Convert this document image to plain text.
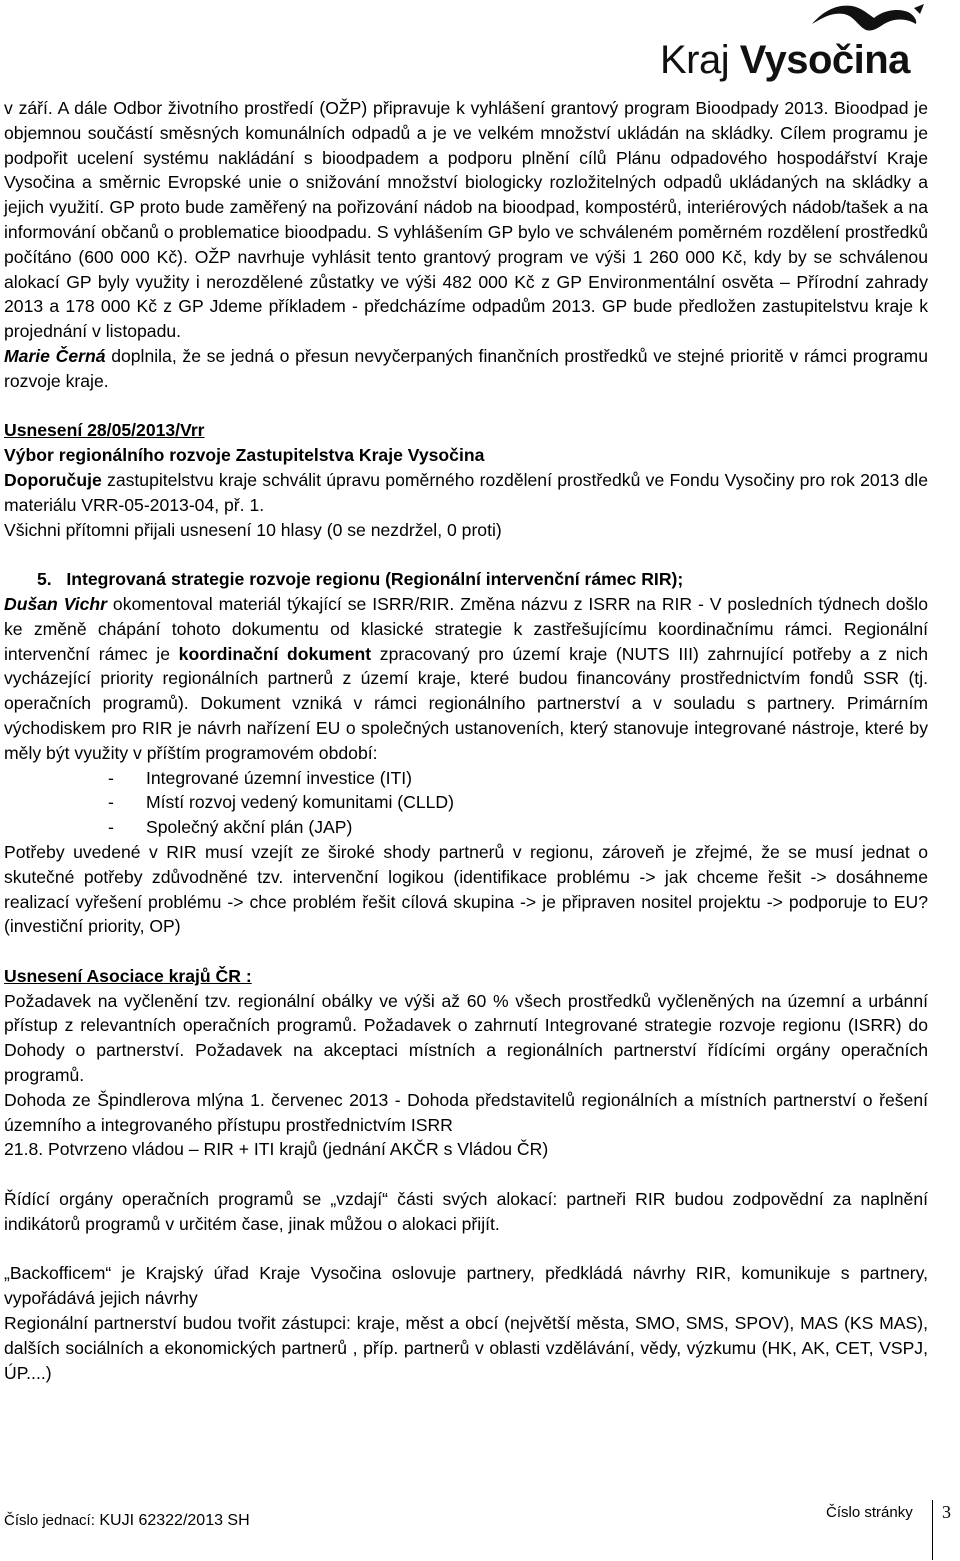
Kraj Vysočina

v září. A dále Odbor životního prostředí (OŽP) připravuje k vyhlášení grantový program Bioodpady 2013. Bioodpad je objemnou součástí směsných komunálních odpadů a je ve velkém množství ukládán na skládky. Cílem programu je podpořit ucelení systému nakládání s bioodpadem a podporu plnění cílů Plánu odpadového hospodářství Kraje Vysočina a směrnic Evropské unie o snižování množství biologicky rozložitelných odpadů ukládaných na skládky a jejich využití. GP proto bude zaměřený na pořizování nádob na bioodpad, kompostérů, interiérových nádob/tašek a na informování občanů o problematice bioodpadu. S vyhlášením GP bylo ve schváleném poměrném rozdělení prostředků počítáno (600 000 Kč). OŽP navrhuje vyhlásit tento grantový program ve výši 1 260 000 Kč, kdy by se schválenou alokací GP byly využity i nerozdělené zůstatky ve výši 482 000 Kč z GP Environmentální osvěta – Přírodní zahrady 2013 a 178 000 Kč z GP Jdeme příkladem - předcházíme odpadům 2013. GP bude předložen zastupitelstvu kraje k projednání v listopadu.

Marie Černá doplnila, že se jedná o přesun nevyčerpaných finančních prostředků ve stejné prioritě v rámci programu rozvoje kraje.

Usnesení 28/05/2013/Vrr

Výbor regionálního rozvoje Zastupitelstva Kraje Vysočina

Doporučuje zastupitelstvu kraje schválit úpravu poměrného rozdělení prostředků ve Fondu Vysočiny pro rok 2013 dle materiálu VRR-05-2013-04, př. 1.

Všichni přítomni přijali usnesení 10 hlasy (0 se nezdržel, 0 proti)

5. Integrovaná strategie rozvoje regionu (Regionální intervenční rámec RIR);

Dušan Vichr okomentoval materiál týkající se ISRR/RIR. Změna názvu z ISRR na RIR - V posledních týdnech došlo ke změně chápání tohoto dokumentu od klasické strategie k zastřešujícímu koordinačnímu rámci. Regionální intervenční rámec je koordinační dokument zpracovaný pro území kraje (NUTS III) zahrnující potřeby a z nich vycházející priority regionálních partnerů z území kraje, které budou financovány prostřednictvím fondů SSR (tj. operačních programů). Dokument vzniká v rámci regionálního partnerství a v souladu s partnery. Primárním východiskem pro RIR je návrh nařízení EU o společných ustanoveních, který stanovuje integrované nástroje, které by měly být využity v příštím programovém období:

- Integrované územní investice (ITI)
- Místí rozvoj vedený komunitami (CLLD)
- Společný akční plán (JAP)

Potřeby uvedené v RIR musí vzejít ze široké shody partnerů v regionu, zároveň je zřejmé, že se musí jednat o skutečné potřeby zdůvodněné tzv. intervenční logikou (identifikace problému -> jak chceme řešit -> dosáhneme realizací vyřešení problému -> chce problém řešit cílová skupina -> je připraven nositel projektu -> podporuje to EU? (investiční priority, OP)

Usnesení Asociace krajů ČR :

Požadavek na vyčlenění tzv. regionální obálky ve výši až 60 % všech prostředků vyčleněných na územní a urbánní přístup z relevantních operačních programů. Požadavek o zahrnutí Integrované strategie rozvoje regionu (ISRR) do Dohody o partnerství. Požadavek na akceptaci místních a regionálních partnerství řídícími orgány operačních programů.

Dohoda ze Špindlerova mlýna 1. červenec 2013 - Dohoda představitelů regionálních a místních partnerství o řešení územního a integrovaného přístupu prostřednictvím ISRR

21.8. Potvrzeno vládou – RIR + ITI krajů (jednání AKČR s Vládou ČR)

Řídící orgány operačních programů se „vzdají“ části svých alokací: partneři RIR budou zodpovědní za naplnění indikátorů programů v určitém čase, jinak můžou o alokaci přijít.

„Backofficem“ je Krajský úřad Kraje Vysočina oslovuje partnery, předkládá návrhy RIR, komunikuje s partnery, vypořádává jejich návrhy

Regionální partnerství budou tvořit zástupci: kraje, měst a obcí (největší města, SMO, SMS, SPOV), MAS (KS MAS), dalších sociálních a ekonomických partnerů , příp. partnerů v oblasti vzdělávání, vědy, výzkumu (HK, AK, CET, VSPJ, ÚP....)

Číslo jednací: KUJI 62322/2013 SH	Číslo stránky 3
